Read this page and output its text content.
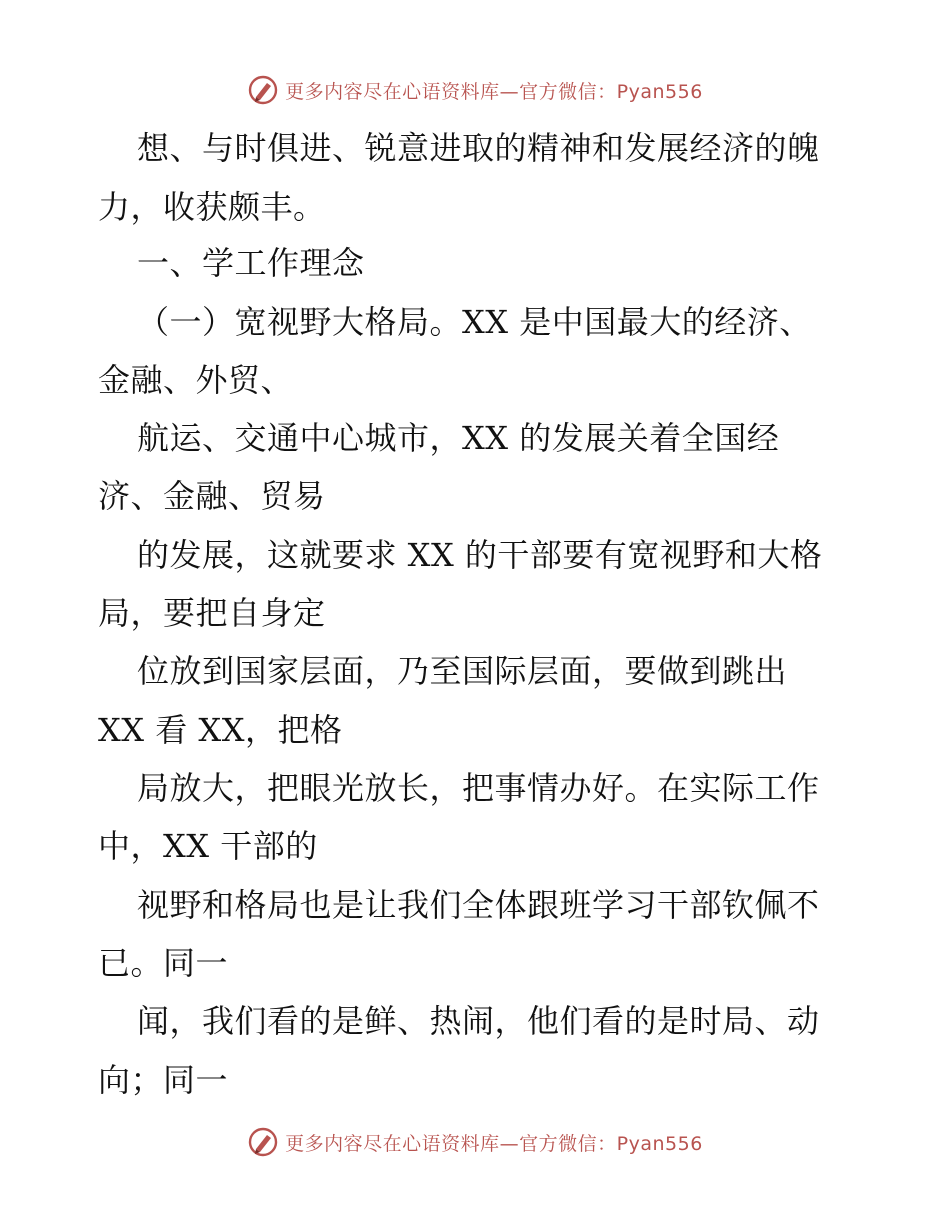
更多内容尽在心语资料库—官方微信：Pyan556
想、与时俱进、锐意进取的精神和发展经济的魄
力，收获颇丰。
一、学工作理念
（一）宽视野大格局。XX 是中国最大的经济、
金融、外贸、
航运、交通中心城市，XX 的发展关着全国经
济、金融、贸易
的发展，这就要求 XX 的干部要有宽视野和大格
局，要把自身定
位放到国家层面，乃至国际层面，要做到跳出
XX 看 XX，把格
局放大，把眼光放长，把事情办好。在实际工作
中，XX 干部的
视野和格局也是让我们全体跟班学习干部钦佩不
已。同一
闻，我们看的是鲜、热闹，他们看的是时局、动
向；同一
更多内容尽在心语资料库—官方微信：Pyan556
